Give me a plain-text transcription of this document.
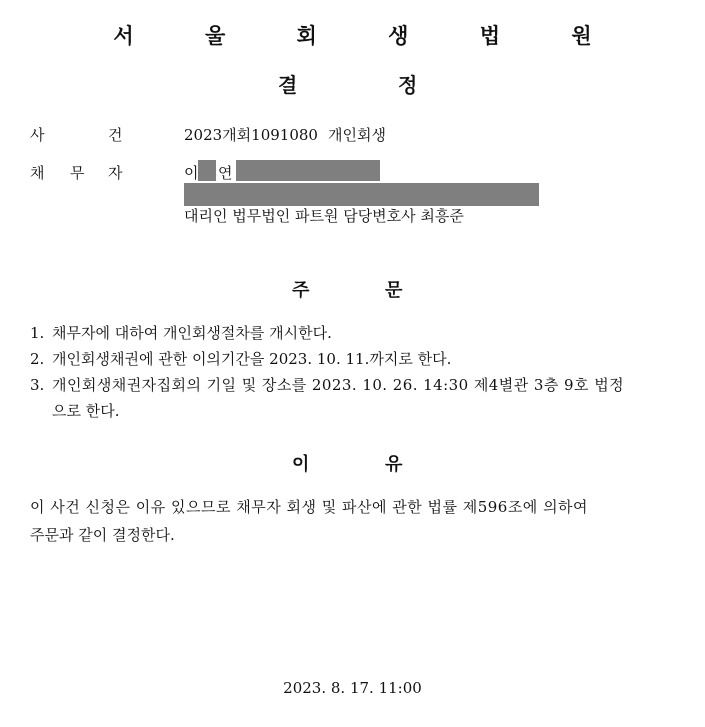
서 울 회 생 법 원
결	정
사	건	2023개회1091080 개인회생
채 무 자	이 연
대리인 법무법인 파트원 담당변호사 최흥준
주	문
1. 채무자에 대하여 개인회생절차를 개시한다.
2. 개인회생채권에 관한 이의기간을 2023. 10. 11.까지로 한다.
3. 개인회생채권자집회의 기일 및 장소를 2023. 10. 26. 14:30 제4별관 3층 9호 법정
으로 한다.
이	유
이 사건 신청은 이유 있으므로 채무자 회생 및 파산에 관한 법률 제596조에 의하여
주문과 같이 결정한다.
2023. 8. 17. 11:00
